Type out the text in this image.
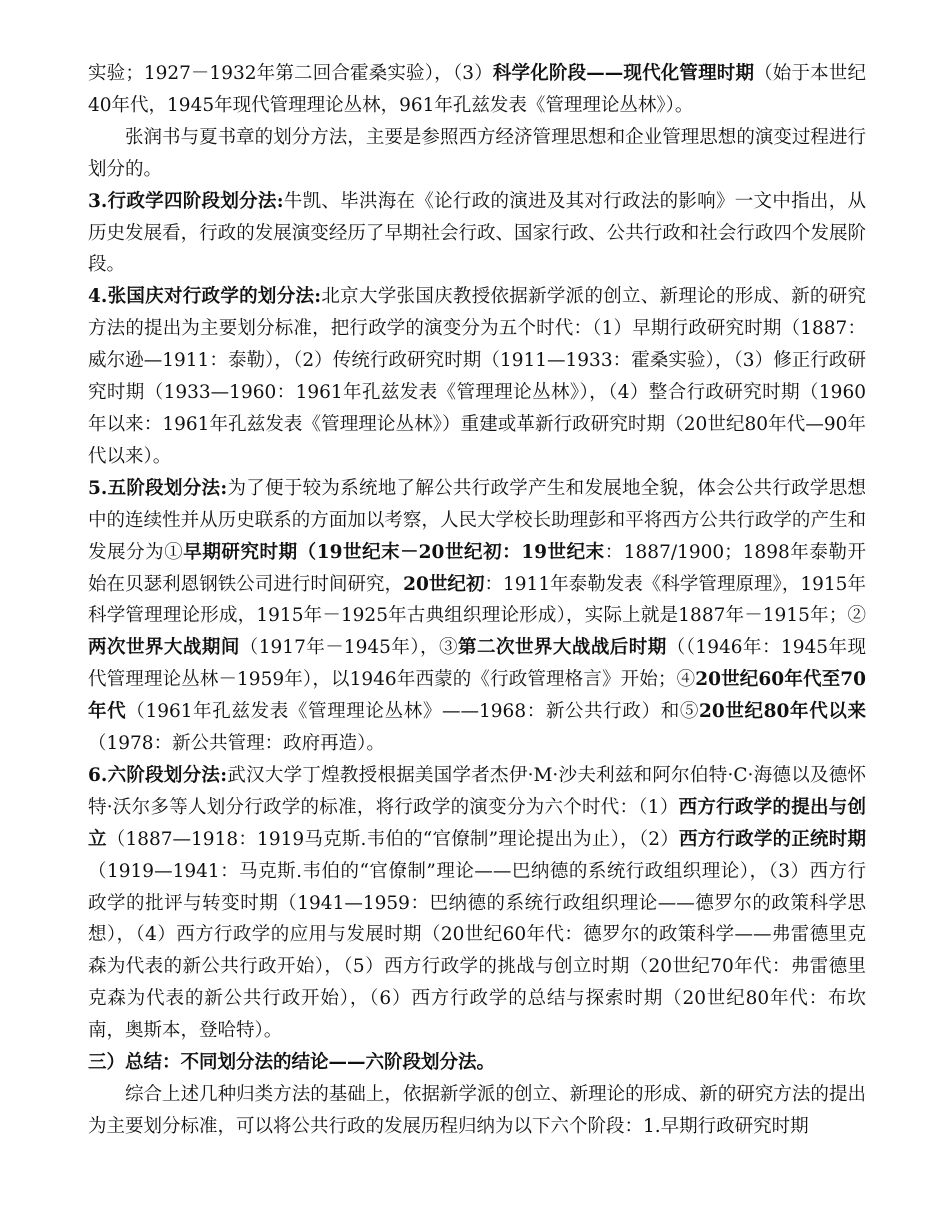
实验；1927－1932年第二回合霍桑实验），（3）科学化阶段——现代化管理时期（始于本世纪40年代，1945年现代管理理论丛林，961年孔兹发表《管理理论丛林》）。

张润书与夏书章的划分方法，主要是参照西方经济管理思想和企业管理思想的演变过程进行划分的。

3.行政学四阶段划分法:牛凯、毕洪海在《论行政的演进及其对行政法的影响》一文中指出，从历史发展看，行政的发展演变经历了早期社会行政、国家行政、公共行政和社会行政四个发展阶段。

4.张国庆对行政学的划分法:北京大学张国庆教授依据新学派的创立、新理论的形成、新的研究方法的提出为主要划分标准，把行政学的演变分为五个时代：（1）早期行政研究时期（1887：威尔逊—1911：泰勒），（2）传统行政研究时期（1911—1933：霍桑实验），（3）修正行政研究时期（1933—1960：1961年孔兹发表《管理理论丛林》），（4）整合行政研究时期（1960年以来：1961年孔兹发表《管理理论丛林》）重建或革新行政研究时期（20世纪80年代—90年代以来）。

5.五阶段划分法:为了便于较为系统地了解公共行政学产生和发展地全貌，体会公共行政学思想中的连续性并从历史联系的方面加以考察，人民大学校长助理彭和平将西方公共行政学的产生和发展分为①早期研究时期（19世纪末－20世纪初：19世纪末：1887/1900；1898年泰勒开始在贝瑟利恩钢铁公司进行时间研究，20世纪初：1911年泰勒发表《科学管理原理》，1915年科学管理理论形成，1915年－1925年古典组织理论形成），实际上就是1887年－1915年；②两次世界大战期间（1917年－1945年），③第二次世界大战战后时期（（1946年：1945年现代管理理论丛林－1959年），以1946年西蒙的《行政管理格言》开始；④20世纪60年代至70年代（1961年孔兹发表《管理理论丛林》——1968：新公共行政）和⑤20世纪80年代以来（1978：新公共管理：政府再造）。

6.六阶段划分法:武汉大学丁煌教授根据美国学者杰伊·M·沙夫利兹和阿尔伯特·C·海德以及德怀特·沃尔多等人划分行政学的标准，将行政学的演变分为六个时代：（1）西方行政学的提出与创立（1887—1918：1919马克斯.韦伯的“官僚制”理论提出为止），（2）西方行政学的正统时期（1919—1941：马克斯.韦伯的“官僚制”理论——巴纳德的系统行政组织理论），（3）西方行政学的批评与转变时期（1941—1959：巴纳德的系统行政组织理论——德罗尔的政策科学思想），（4）西方行政学的应用与发展时期（20世纪60年代：德罗尔的政策科学——弗雷德里克森为代表的新公共行政开始），（5）西方行政学的挑战与创立时期（20世纪70年代：弗雷德里克森为代表的新公共行政开始），（6）西方行政学的总结与探索时期（20世纪80年代：布坎南，奥斯本，登哈特）。

三）总结：不同划分法的结论——六阶段划分法。

综合上述几种归类方法的基础上，依据新学派的创立、新理论的形成、新的研究方法的提出为主要划分标准，可以将公共行政的发展历程归纳为以下六个阶段：1.早期行政研究时期
